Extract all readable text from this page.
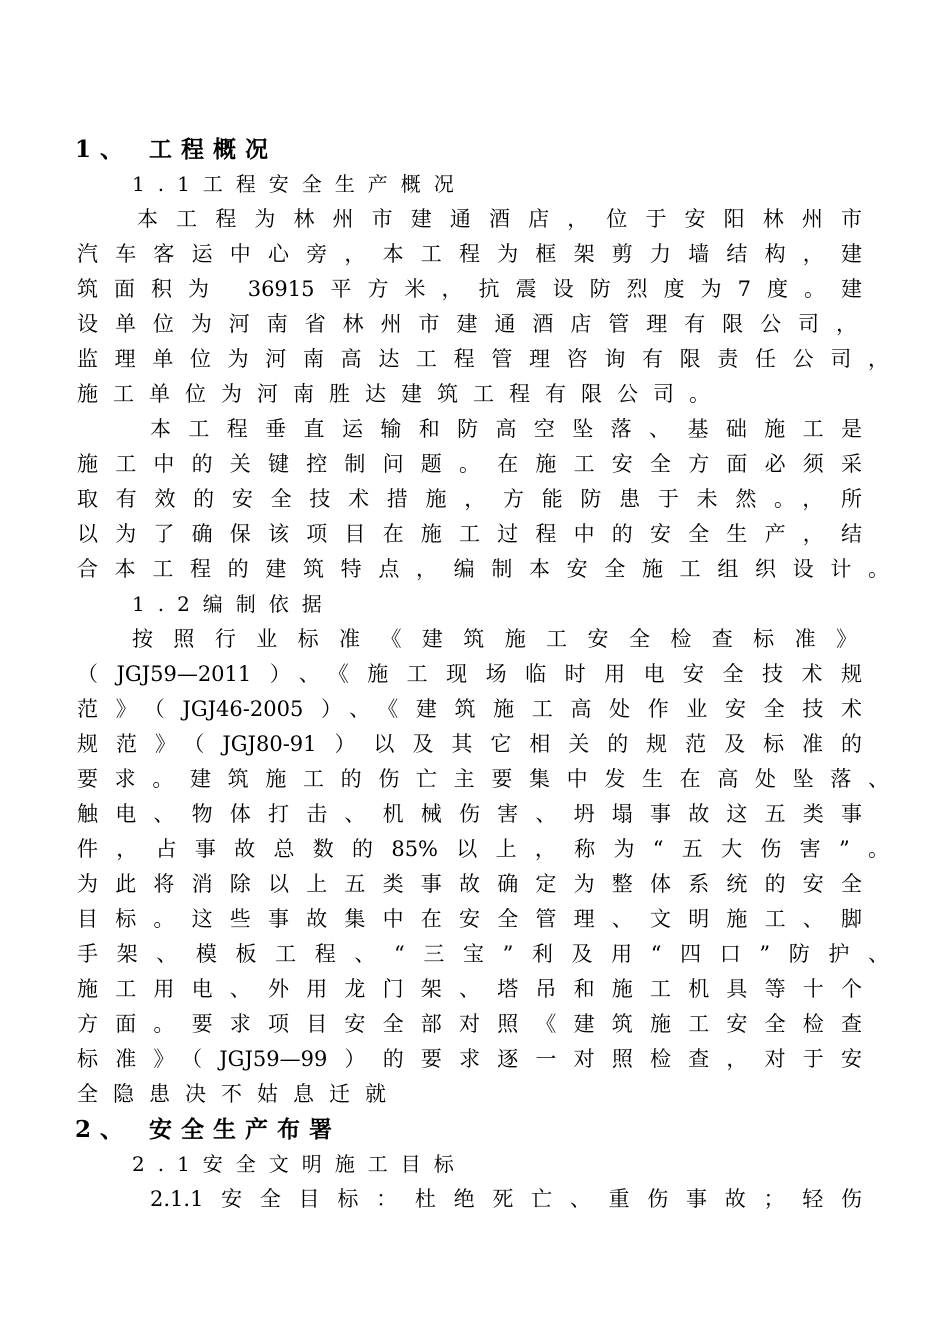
1、 工程概况
1.1工程安全生产概况
本工程为林州市建通酒店，位于安阳林州市
汽车客运中心旁，本工程为框架剪力墙结构，建
筑面积为 36915平方米，抗震设防烈度为7度。建
设单位为河南省林州市建通酒店管理有限公司，
监理单位为河南高达工程管理咨询有限责任公司，
施工单位为河南胜达建筑工程有限公司。
本工程垂直运输和防高空坠落、基础施工是
施工中的关键控制问题。在施工安全方面必须采
取有效的安全技术措施，方能防患于未然。，所
以为了确保该项目在施工过程中的安全生产，结
合本工程的建筑特点，编制本安全施工组织设计。
1.2编制依据
按照行业标准《建筑施工安全检查标准》
（JGJ59—2011）、《施工现场临时用电安全技术规
范》（JGJ46-2005）、《建筑施工高处作业安全技术
规范》（JGJ80-91）以及其它相关的规范及标准的
要求。建筑施工的伤亡主要集中发生在高处坠落、
触电、物体打击、机械伤害、坍塌事故这五类事
件，占事故总数的85%以上，称为“五大伤害”。
为此将消除以上五类事故确定为整体系统的安全
目标。这些事故集中在安全管理、文明施工、脚
手架、模板工程、“三宝”利及用“四口”防护、
施工用电、外用龙门架、塔吊和施工机具等十个
方面。要求项目安全部对照《建筑施工安全检查
标准》（JGJ59—99）的要求逐一对照检查，对于安
全隐患决不姑息迁就
2、 安全生产布署
2.1安全文明施工目标
2.1.1安全目标：杜绝死亡、重伤事故；轻伤
